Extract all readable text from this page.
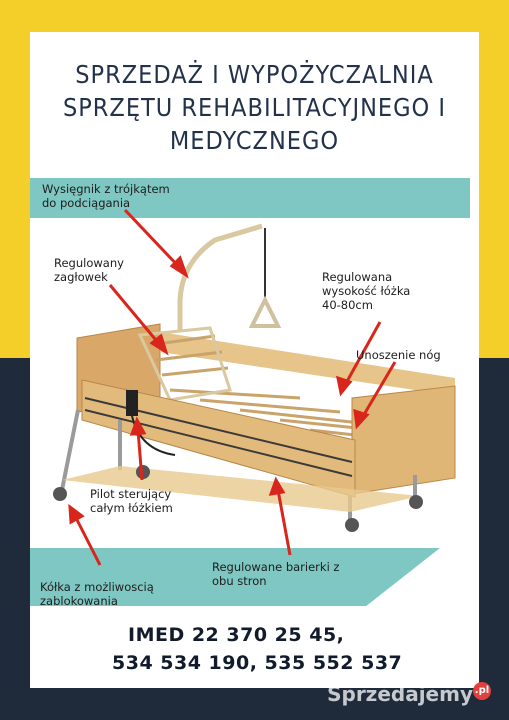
SPRZEDAŻ I WYPOŻYCZALNIA
SPRZĘTU REHABILITACYJNEGO I
MEDYCZNEGO
Wysięgnik z trójkątem
do podciągania
Regulowany
zagłowek	Regulowana
wysokość łóżka
40-80cm
Unoszenie nóg
Pilot sterujący
całym łóżkiem
Regulowane barierki z
obu stron
Kółka z możliwoscią
zablokowania
IMED 22 370 25 45,
534 534 190, 535 552 537
Sprzedajemy $^{.pl}$
